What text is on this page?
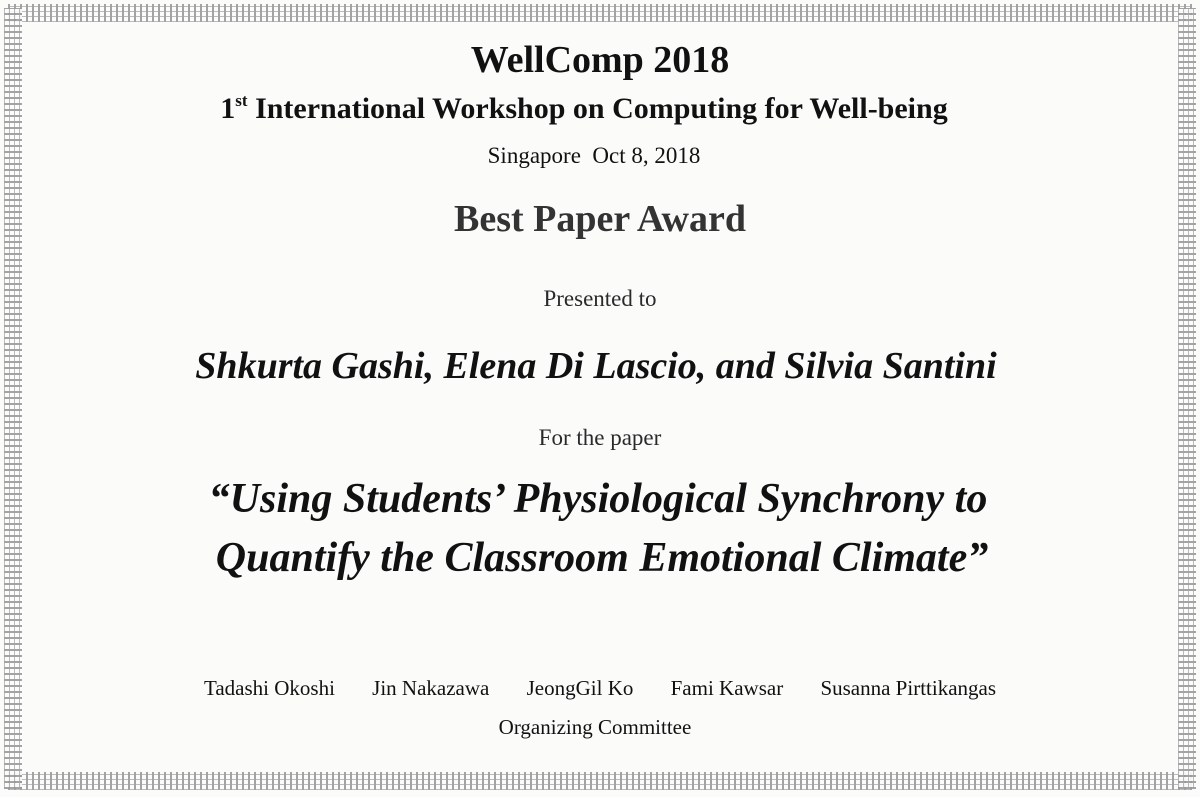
WellComp 2018
1st International Workshop on Computing for Well-being
Singapore  Oct 8, 2018
Best Paper Award
Presented to
Shkurta Gashi, Elena Di Lascio, and Silvia Santini
For the paper
“Using Students’ Physiological Synchrony to
Quantify the Classroom Emotional Climate”
Tadashi Okoshi Jin Nakazawa JeongGil Ko Fami Kawsar Susanna Pirttikangas
Organizing Committee
